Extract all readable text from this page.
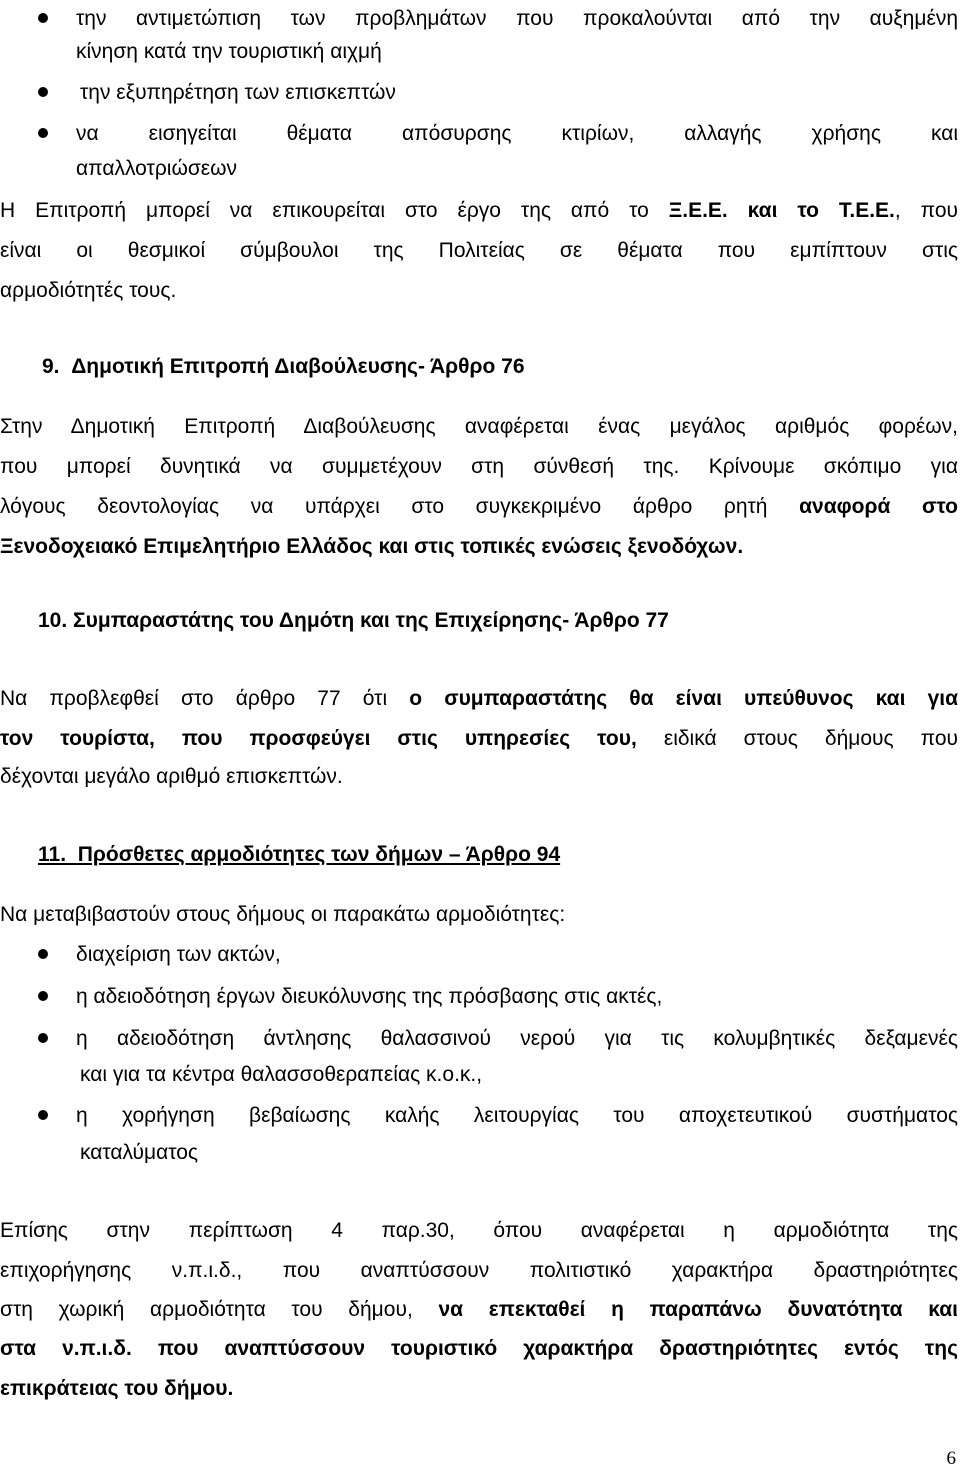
την αντιμετώπιση των προβλημάτων που προκαλούνται από την αυξημένη
κίνηση κατά την τουριστική αιχμή
την εξυπηρέτηση των επισκεπτών
να εισηγείται θέματα απόσυρσης κτιρίων, αλλαγής χρήσης και
απαλλοτριώσεων
Η Επιτροπή μπορεί να επικουρείται στο έργο της από το Ξ.Ε.Ε. και το Τ.Ε.Ε., που
είναι οι θεσμικοί σύμβουλοι της Πολιτείας σε θέματα που εμπίπτουν στις
αρμοδιότητές τους.
9. Δημοτική Επιτροπή Διαβούλευσης- Άρθρο 76
Στην Δημοτική Επιτροπή Διαβούλευσης αναφέρεται ένας μεγάλος αριθμός φορέων,
που μπορεί δυνητικά να συμμετέχουν στη σύνθεσή της. Κρίνουμε σκόπιμο για
λόγους δεοντολογίας να υπάρχει στο συγκεκριμένο άρθρο ρητή αναφορά στο
Ξενοδοχειακό Επιμελητήριο Ελλάδος και στις τοπικές ενώσεις ξενοδόχων.
10. Συμπαραστάτης του Δημότη και της Επιχείρησης- Άρθρο 77
Να προβλεφθεί στο άρθρο 77 ότι ο συμπαραστάτης θα είναι υπεύθυνος και για
τον τουρίστα, που προσφεύγει στις υπηρεσίες του, ειδικά στους δήμους που
δέχονται μεγάλο αριθμό επισκεπτών.
11. Πρόσθετες αρμοδιότητες των δήμων – Άρθρο 94
Να μεταβιβαστούν στους δήμους οι παρακάτω αρμοδιότητες:
διαχείριση των ακτών,
η αδειοδότηση έργων διευκόλυνσης της πρόσβασης στις ακτές,
η αδειοδότηση άντλησης θαλασσινού νερού για τις κολυμβητικές δεξαμενές
και για τα κέντρα θαλασσοθεραπείας κ.ο.κ.,
η χορήγηση βεβαίωσης καλής λειτουργίας του αποχετευτικού συστήματος
καταλύματος
Επίσης στην περίπτωση 4 παρ.30, όπου αναφέρεται η αρμοδιότητα της
επιχορήγησης ν.π.ι.δ., που αναπτύσσουν πολιτιστικό χαρακτήρα δραστηριότητες
στη χωρική αρμοδιότητα του δήμου, να επεκταθεί η παραπάνω δυνατότητα και
στα ν.π.ι.δ. που αναπτύσσουν τουριστικό χαρακτήρα δραστηριότητες εντός της
επικράτειας του δήμου.
6
